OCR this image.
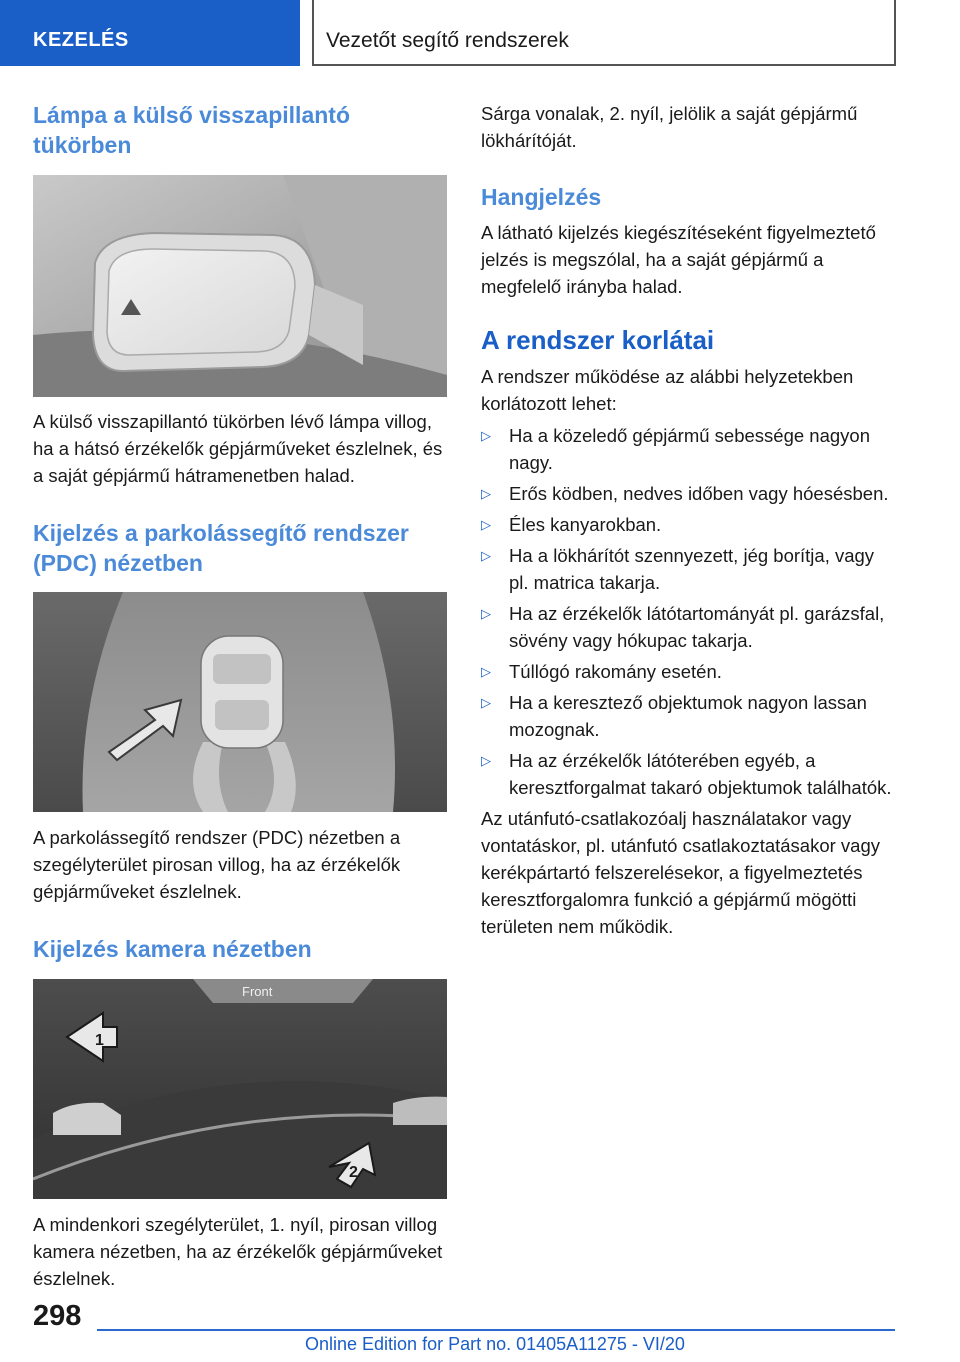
KEZELÉS	Vezetőt segítő rendszerek
Lámpa a külső visszapillantó tükörben

A külső visszapillantó tükörben lévő lámpa villog, ha a hátsó érzékelők gépjárműveket észlelnek, és a saját gépjármű hátramenetben halad.

Kijelzés a parkolássegítő rendszer (PDC) nézetben

A parkolássegítő rendszer (PDC) nézetben a szegélyterület pirosan villog, ha az érzékelők gépjárműveket észlelnek.

Kijelzés kamera nézetben
Front
1
2

A mindenkori szegélyterület, 1. nyíl, pirosan villog kamera nézetben, ha az érzékelők gépjárműveket észlelnek.

Sárga vonalak, 2. nyíl, jelölik a saját gépjármű lökhárítóját.

Hangjelzés

A látható kijelzés kiegészítéseként figyelmeztető jelzés is megszólal, ha a saját gépjármű a megfelelő irányba halad.

A rendszer korlátai

A rendszer működése az alábbi helyzetekben korlátozott lehet:

▷ Ha a közeledő gépjármű sebessége nagyon nagy.
▷ Erős ködben, nedves időben vagy hóesésben.
▷ Éles kanyarokban.
▷ Ha a lökhárítót szennyezett, jég borítja, vagy pl. matrica takarja.
▷ Ha az érzékelők látótartományát pl. garázsfal, sövény vagy hókupac takarja.
▷ Túllógó rakomány esetén.
▷ Ha a keresztező objektumok nagyon lassan mozognak.
▷ Ha az érzékelők látóterében egyéb, a keresztforgalmat takaró objektumok találhatók.

Az utánfutó-csatlakozóalj használatakor vagy vontatáskor, pl. utánfutó csatlakoztatásakor vagy kerékpártartó felszerelésekor, a figyelmeztetés keresztforgalomra funkció a gépjármű mögötti területen nem működik.

298
Online Edition for Part no. 01405A11275 - VI/20
